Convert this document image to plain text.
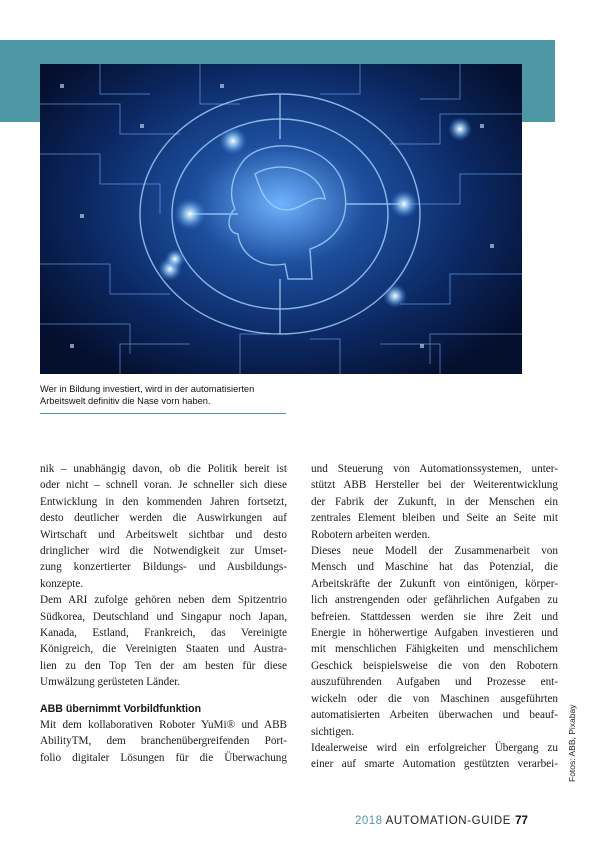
Wer in Bildung investiert, wird in der automatisierten
Arbeitswelt definitiv die Nase vorn haben.
nik – unabhängig davon, ob die Politik bereit ist
oder nicht – schnell voran. Je schneller sich diese
Entwicklung in den kommenden Jahren fortsetzt,
desto deutlicher werden die Auswirkungen auf
Wirtschaft und Arbeitswelt sichtbar und desto
dringlicher wird die Notwendigkeit zur Umset-
zung konzertierter Bildungs- und Ausbildungs-
konzepte.
Dem ARI zufolge gehören neben dem Spitzentrio
Südkorea, Deutschland und Singapur noch Japan,
Kanada, Estland, Frankreich, das Vereinigte
Königreich, die Vereinigten Staaten und Austra-
lien zu den Top Ten der am besten für diese
Umwälzung gerüsteten Länder.
ABB übernimmt Vorbildfunktion
Mit dem kollaborativen Roboter YuMi® und ABB
AbilityTM, dem branchenübergreifenden Port-
folio digitaler Lösungen für die Überwachung
und Steuerung von Automationssystemen, unter-
stützt ABB Hersteller bei der Weiterentwicklung
der Fabrik der Zukunft, in der Menschen ein
zentrales Element bleiben und Seite an Seite mit
Robotern arbeiten werden.
Dieses neue Modell der Zusammenarbeit von
Mensch und Maschine hat das Potenzial, die
Arbeitskräfte der Zukunft von eintönigen, körper-
lich anstrengenden oder gefährlichen Aufgaben zu
befreien. Stattdessen werden sie ihre Zeit und
Energie in höherwertige Aufgaben investieren und
mit menschlichen Fähigkeiten und menschlichem
Geschick beispielsweise die von den Robotern
auszuführenden Aufgaben und Prozesse ent-
wickeln oder die von Maschinen ausgeführten
automatisierten Arbeiten überwachen und beauf-
sichtigen.
Idealerweise wird ein erfolgreicher Übergang zu
einer auf smarte Automation gestützten verarbei- Fotos: ABB, Pixabay
2018 AUTOMATION-GUIDE 77
